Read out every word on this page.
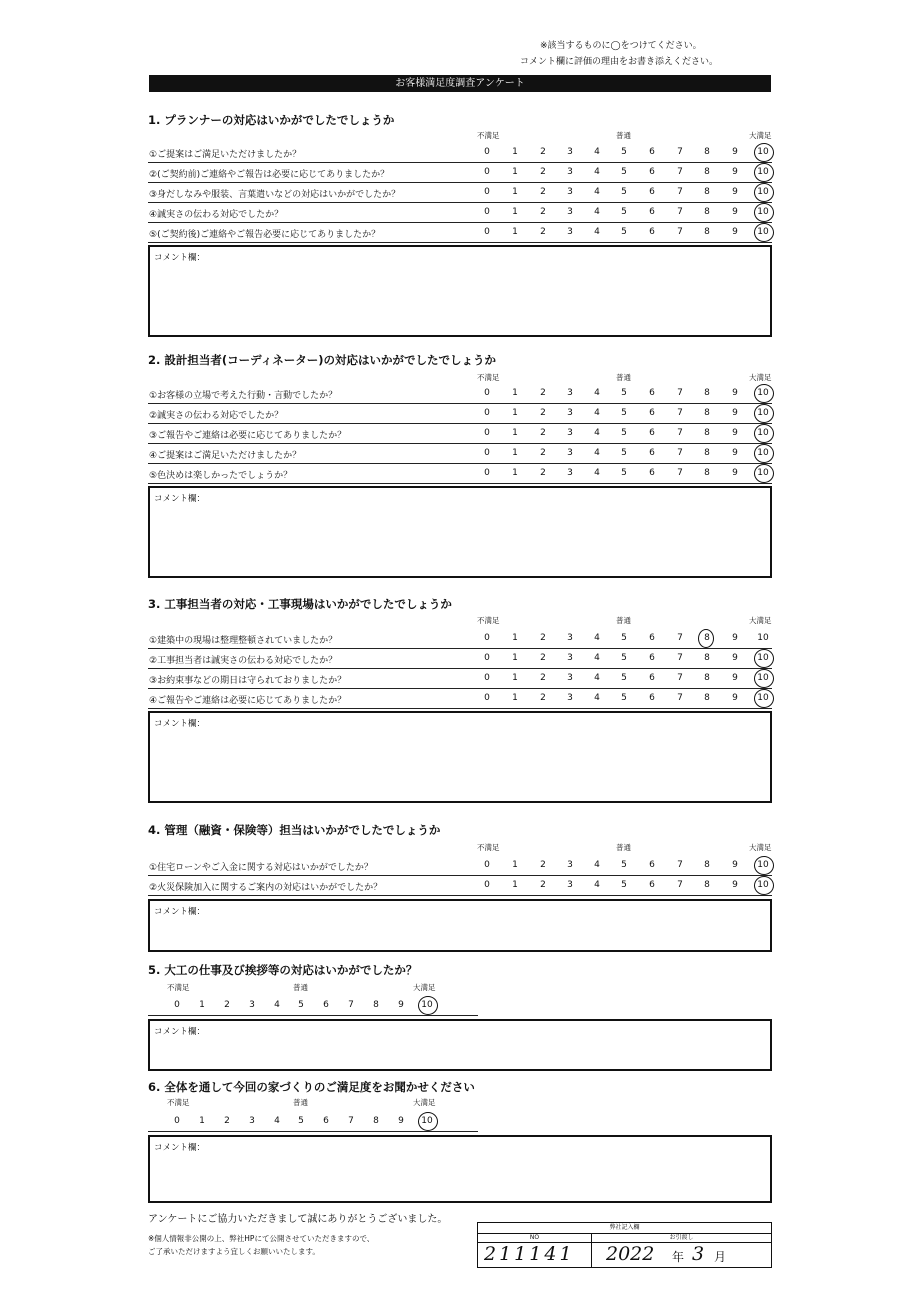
※該当するものに◯をつけてください。
コメント欄に評価の理由をお書き添えください。
お客様満足度調査アンケート
1. プランナーの対応はいかがでしたでしょうか
不満足	普通	大満足
①ご提案はご満足いただけましたか？	0	1	2	3	4	5	6	7	8	9	10
②(ご契約前)ご連絡やご報告は必要に応じてありましたか？	0	1	2	3	4	5	6	7	8	9	10
③身だしなみや服装、言葉遣いなどの対応はいかがでしたか？	0	1	2	3	4	5	6	7	8	9	10
④誠実さの伝わる対応でしたか？	0	1	2	3	4	5	6	7	8	9	10
⑤(ご契約後)ご連絡やご報告必要に応じてありましたか？	0	1	2	3	4	5	6	7	8	9	10
コメント欄：
2. 設計担当者(コーディネーター)の対応はいかがでしたでしょうか
不満足	普通	大満足
①お客様の立場で考えた行動・言動でしたか？	0	1	2	3	4	5	6	7	8	9	10
②誠実さの伝わる対応でしたか？	0	1	2	3	4	5	6	7	8	9	10
③ご報告やご連絡は必要に応じてありましたか？	0	1	2	3	4	5	6	7	8	9	10
④ご提案はご満足いただけましたか？	0	1	2	3	4	5	6	7	8	9	10
⑤色決めは楽しかったでしょうか？	0	1	2	3	4	5	6	7	8	9	10
コメント欄：
3. 工事担当者の対応・工事現場はいかがでしたでしょうか
不満足	普通	大満足
①建築中の現場は整理整頓されていましたか？	0	1	2	3	4	5	6	7	8	9	10
②工事担当者は誠実さの伝わる対応でしたか？	0	1	2	3	4	5	6	7	8	9	10
③お約束事などの期日は守られておりましたか？	0	1	2	3	4	5	6	7	8	9	10
④ご報告やご連絡は必要に応じてありましたか？	0	1	2	3	4	5	6	7	8	9	10
コメント欄：
4. 管理（融資・保険等）担当はいかがでしたでしょうか
不満足	普通	大満足
①住宅ローンやご入金に関する対応はいかがでしたか？	0	1	2	3	4	5	6	7	8	9	10
②火災保険加入に関するご案内の対応はいかがでしたか？	0	1	2	3	4	5	6	7	8	9	10
コメント欄：
5. 大工の仕事及び挨拶等の対応はいかがでしたか？
不満足	普通	大満足
0	1	2	3	4	5	6	7	8	9	10
コメント欄：
6. 全体を通して今回の家づくりのご満足度をお聞かせください
不満足	普通	大満足
0	1	2	3	4	5	6	7	8	9	10
コメント欄：
アンケートにご協力いただきまして誠にありがとうございました。
※個人情報非公開の上、弊社HPにて公開させていただきますので、
ご了承いただけますよう宜しくお願いいたします。
弊社記入欄
NO	お引渡し
211141 2022 年 3 月
